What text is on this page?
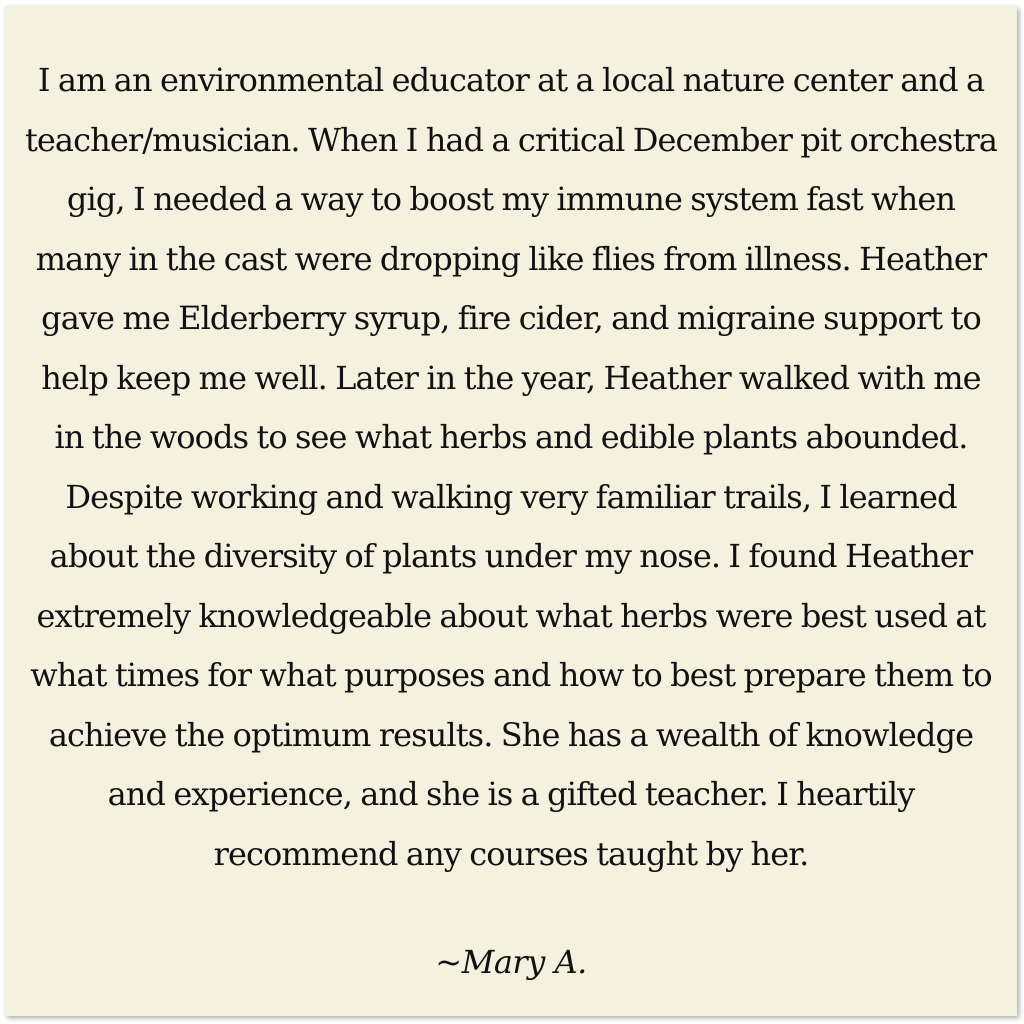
I am an environmental educator at a local nature center and a teacher/musician. When I had a critical December pit orchestra gig, I needed a way to boost my immune system fast when many in the cast were dropping like flies from illness. Heather gave me Elderberry syrup, fire cider, and migraine support to help keep me well. Later in the year, Heather walked with me in the woods to see what herbs and edible plants abounded. Despite working and walking very familiar trails, I learned about the diversity of plants under my nose. I found Heather extremely knowledgeable about what herbs were best used at what times for what purposes and how to best prepare them to achieve the optimum results. She has a wealth of knowledge and experience, and she is a gifted teacher. I heartily recommend any courses taught by her.

~Mary A.
